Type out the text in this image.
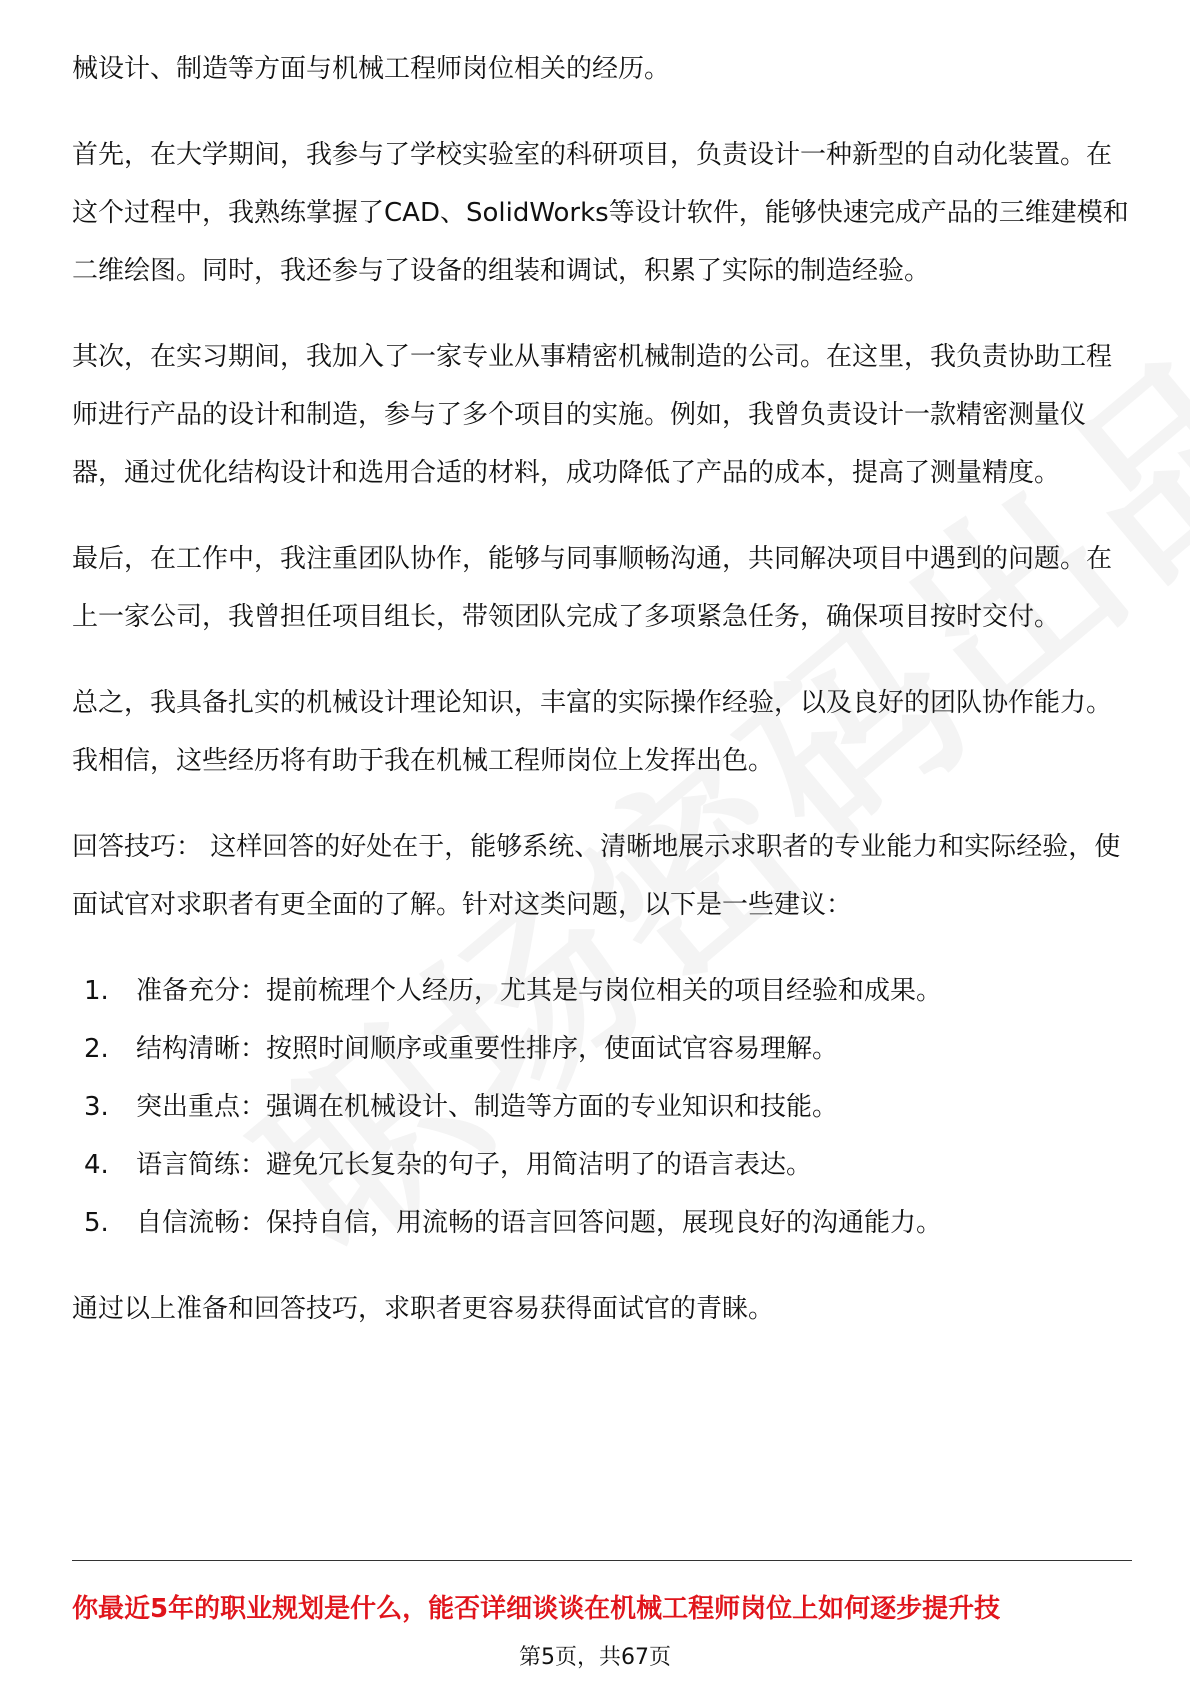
械设计、制造等方面与机械工程师岗位相关的经历。

首先，在大学期间，我参与了学校实验室的科研项目，负责设计一种新型的自动化装置。在这个过程中，我熟练掌握了CAD、SolidWorks等设计软件，能够快速完成产品的三维建模和二维绘图。同时，我还参与了设备的组装和调试，积累了实际的制造经验。

其次，在实习期间，我加入了一家专业从事精密机械制造的公司。在这里，我负责协助工程师进行产品的设计和制造，参与了多个项目的实施。例如，我曾负责设计一款精密测量仪器，通过优化结构设计和选用合适的材料，成功降低了产品的成本，提高了测量精度。

最后，在工作中，我注重团队协作，能够与同事顺畅沟通，共同解决项目中遇到的问题。在上一家公司，我曾担任项目组长，带领团队完成了多项紧急任务，确保项目按时交付。

总之，我具备扎实的机械设计理论知识，丰富的实际操作经验，以及良好的团队协作能力。我相信，这些经历将有助于我在机械工程师岗位上发挥出色。

回答技巧： 这样回答的好处在于，能够系统、清晰地展示求职者的专业能力和实际经验，使面试官对求职者有更全面的了解。针对这类问题，以下是一些建议：

1.	准备充分：提前梳理个人经历，尤其是与岗位相关的项目经验和成果。
2.	结构清晰：按照时间顺序或重要性排序，使面试官容易理解。
3.	突出重点：强调在机械设计、制造等方面的专业知识和技能。
4.	语言简练：避免冗长复杂的句子，用简洁明了的语言表达。
5.	自信流畅：保持自信，用流畅的语言回答问题，展现良好的沟通能力。

通过以上准备和回答技巧，求职者更容易获得面试官的青睐。

你最近5年的职业规划是什么，能否详细谈谈在机械工程师岗位上如何逐步提升技
第5页，共67页
